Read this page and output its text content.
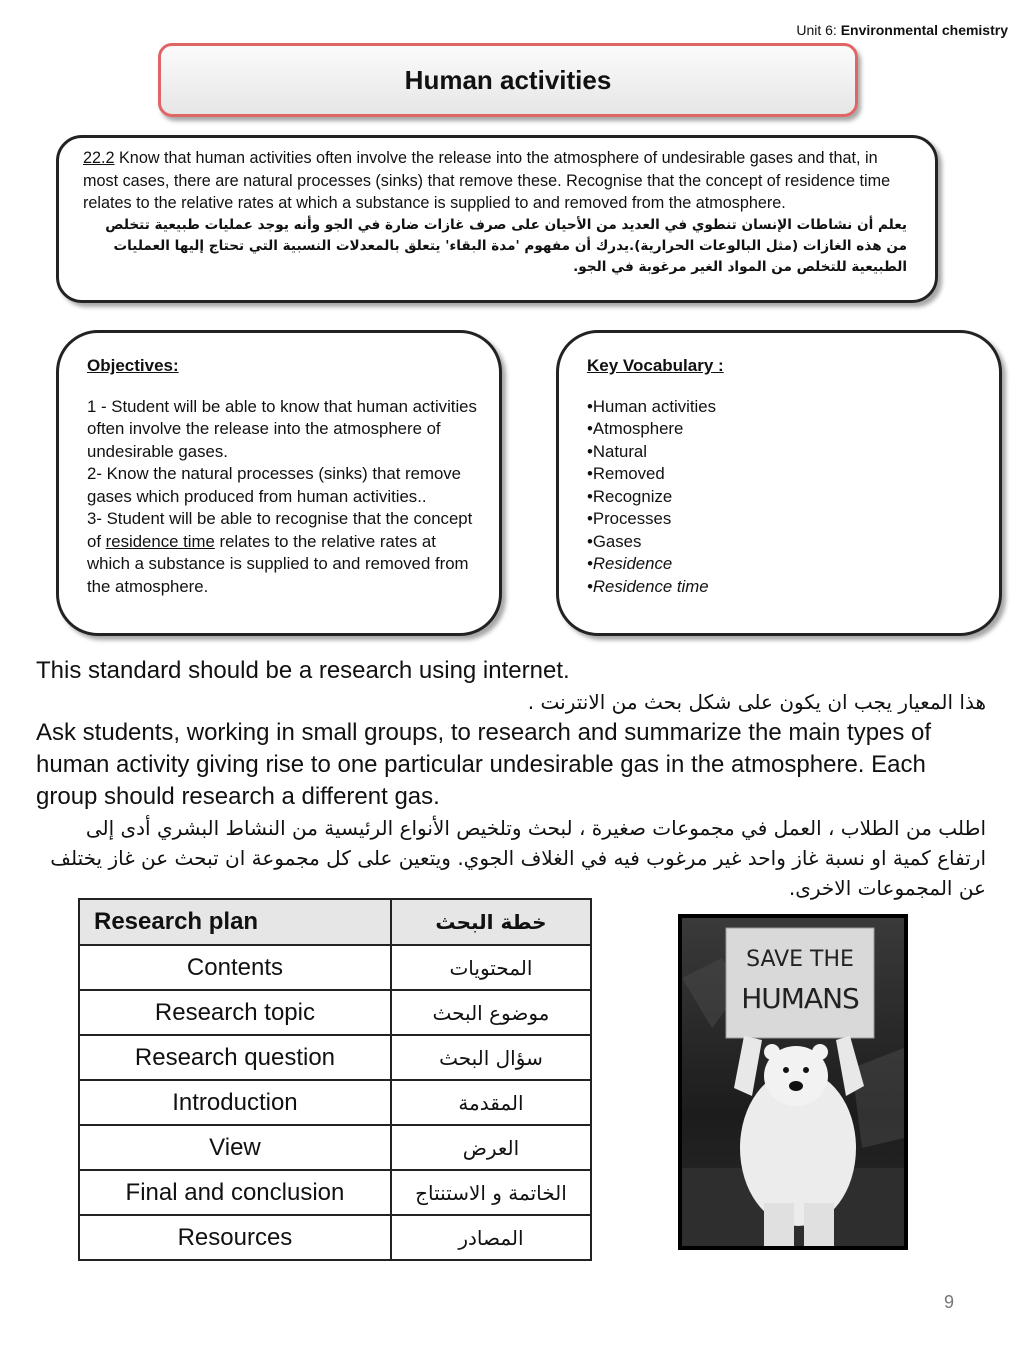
Unit 6: Environmental chemistry
Human activities
22.2 Know that human activities often involve the release into the atmosphere of undesirable gases and that, in most cases, there are natural processes (sinks) that remove these. Recognise that the concept of residence time relates to the relative rates at which a substance is supplied to and removed from the atmosphere.
يعلم أن نشاطات الإنسان تنطوي في العديد من الأحيان على صرف غازات ضارة في الجو وأنه يوجد عمليات طبيعية تتخلص من هذه الغازات (مثل البالوعات الحرارية).يدرك أن مفهوم 'مدة البقاء' يتعلق بالمعدلات النسبية التي تحتاج إليها العمليات الطبيعية للتخلص من المواد الغير مرغوبة في الجو.
Objectives:

1 - Student will be able to know that human activities often involve the release into the atmosphere of undesirable gases.

2- Know the natural processes (sinks) that remove gases which produced from human activities..

3- Student will be able to recognise that the concept of residence time relates to the relative rates at which a substance is supplied to and removed from the atmosphere.

Key Vocabulary :
•Human activities
•Atmosphere
•Natural
•Removed
•Recognize
•Processes
•Gases
•Residence
•Residence time

This standard should be a research using internet.

هذا المعيار يجب ان يكون على شكل بحث من الانترنت .

Ask students, working in small groups, to research and summarize the main types of human activity giving rise to one particular undesirable gas in the atmosphere. Each group should research a different gas.

اطلب من الطلاب ، العمل في مجموعات صغيرة ، لبحث وتلخيص الأنواع الرئيسية من النشاط البشري أدى إلى ارتفاع كمية او نسبة غاز واحد غير مرغوب فيه في الغلاف الجوي. ويتعين على كل مجموعة ان تبحث عن غاز يختلف عن المجموعات الاخرى.

Research plan	خطة البحث
Contents	المحتويات
Research topic	موضوع البحث
Research question	سؤال البحث
Introduction	المقدمة
View	العرض
Final and conclusion	الخاتمة و الاستنتاج
Resources	المصادر
SAVE THE
HUMANS
9
